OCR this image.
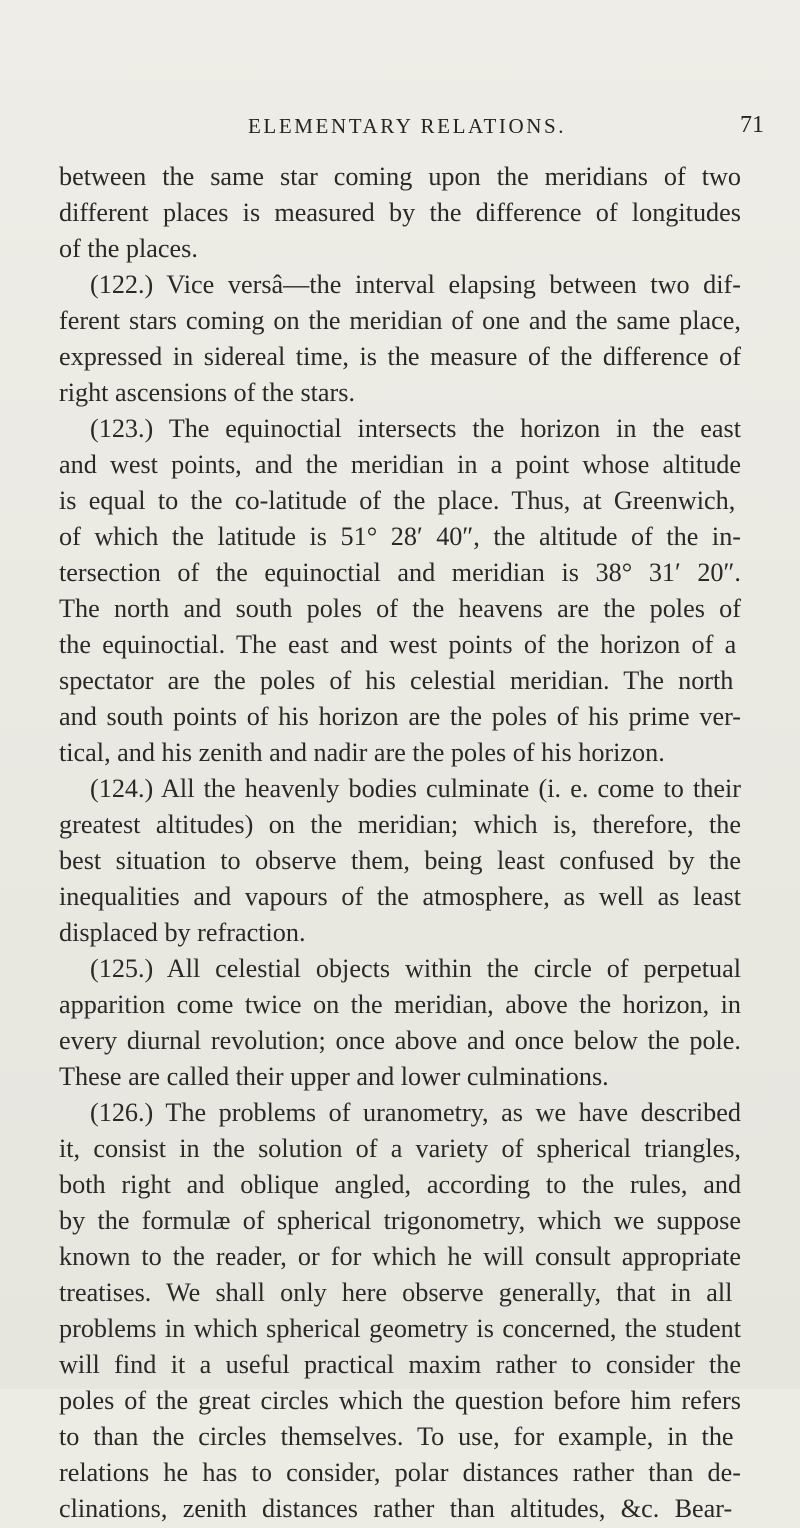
ELEMENTARY RELATIONS.	71
between the same star coming upon the meridians of two
different places is measured by the difference of longitudes
of the places.
(122.) Vice versâ—the interval elapsing between two dif-
ferent stars coming on the meridian of one and the same place,
expressed in sidereal time, is the measure of the difference of
right ascensions of the stars.
(123.) The equinoctial intersects the horizon in the east
and west points, and the meridian in a point whose altitude
is equal to the co-latitude of the place. Thus, at Greenwich,
of which the latitude is 51° 28′ 40″, the altitude of the in-
tersection of the equinoctial and meridian is 38° 31′ 20″.
The north and south poles of the heavens are the poles of
the equinoctial. The east and west points of the horizon of a
spectator are the poles of his celestial meridian. The north
and south points of his horizon are the poles of his prime ver-
tical, and his zenith and nadir are the poles of his horizon.
(124.) All the heavenly bodies culminate (i. e. come to their
greatest altitudes) on the meridian; which is, therefore, the
best situation to observe them, being least confused by the
inequalities and vapours of the atmosphere, as well as least
displaced by refraction.
(125.) All celestial objects within the circle of perpetual
apparition come twice on the meridian, above the horizon, in
every diurnal revolution; once above and once below the pole.
These are called their upper and lower culminations.
(126.) The problems of uranometry, as we have described
it, consist in the solution of a variety of spherical triangles,
both right and oblique angled, according to the rules, and
by the formulæ of spherical trigonometry, which we suppose
known to the reader, or for which he will consult appropriate
treatises. We shall only here observe generally, that in all
problems in which spherical geometry is concerned, the student
will find it a useful practical maxim rather to consider the
poles of the great circles which the question before him refers
to than the circles themselves. To use, for example, in the
relations he has to consider, polar distances rather than de-
clinations, zenith distances rather than altitudes, &c. Bear-
